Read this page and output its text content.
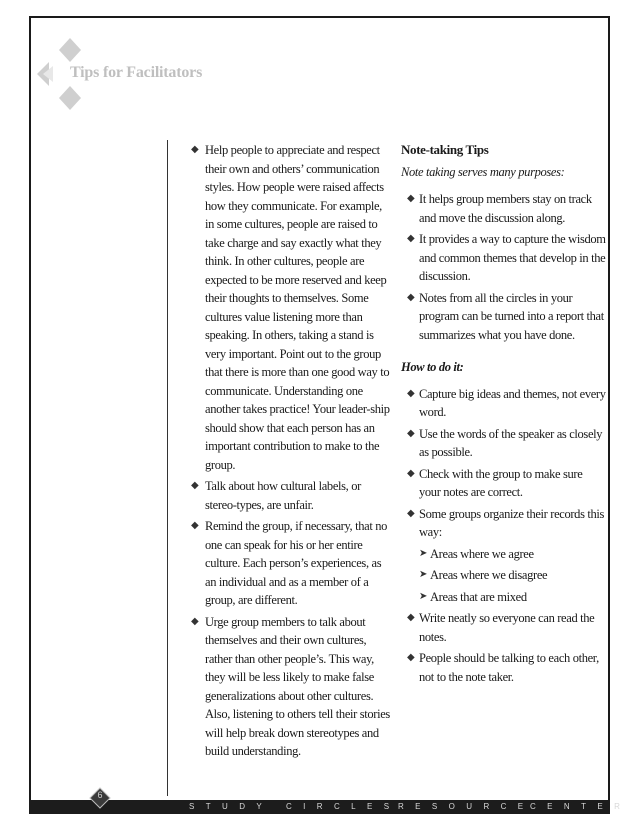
Tips for Facilitators
◆ Help people to appreciate and respect their own and others’ communication styles. How people were raised affects how they communicate. For example, in some cultures, people are raised to take charge and say exactly what they think. In other cultures, people are expected to be more reserved and keep their thoughts to themselves. Some cultures value listening more than speaking. In others, taking a stand is very important. Point out to the group that there is more than one good way to communicate. Understanding one another takes practice! Your leader-ship should show that each person has an important contribution to make to the group.
◆ Talk about how cultural labels, or stereo-types, are unfair.
◆ Remind the group, if necessary, that no one can speak for his or her entire culture. Each person’s experiences, as an individual and as a member of a group, are different.
◆ Urge group members to talk about themselves and their own cultures, rather than other people’s. This way, they will be less likely to make false generalizations about other cultures. Also, listening to others tell their stories will help break down stereotypes and build understanding.
Note-taking Tips
Note taking serves many purposes:
◆ It helps group members stay on track and move the discussion along.
◆ It provides a way to capture the wisdom and common themes that develop in the discussion.
◆ Notes from all the circles in your program can be turned into a report that summarizes what you have done.
How to do it:
◆ Capture big ideas and themes, not every word.
◆ Use the words of the speaker as closely as possible.
◆ Check with the group to make sure your notes are correct.
◆ Some groups organize their records this way:
➤ Areas where we agree
➤ Areas where we disagree
➤ Areas that are mixed
◆ Write neatly so everyone can read the notes.
◆ People should be talking to each other, not to the note taker.
STUDY CIRCLES
RESOURCE
CENTER
6
